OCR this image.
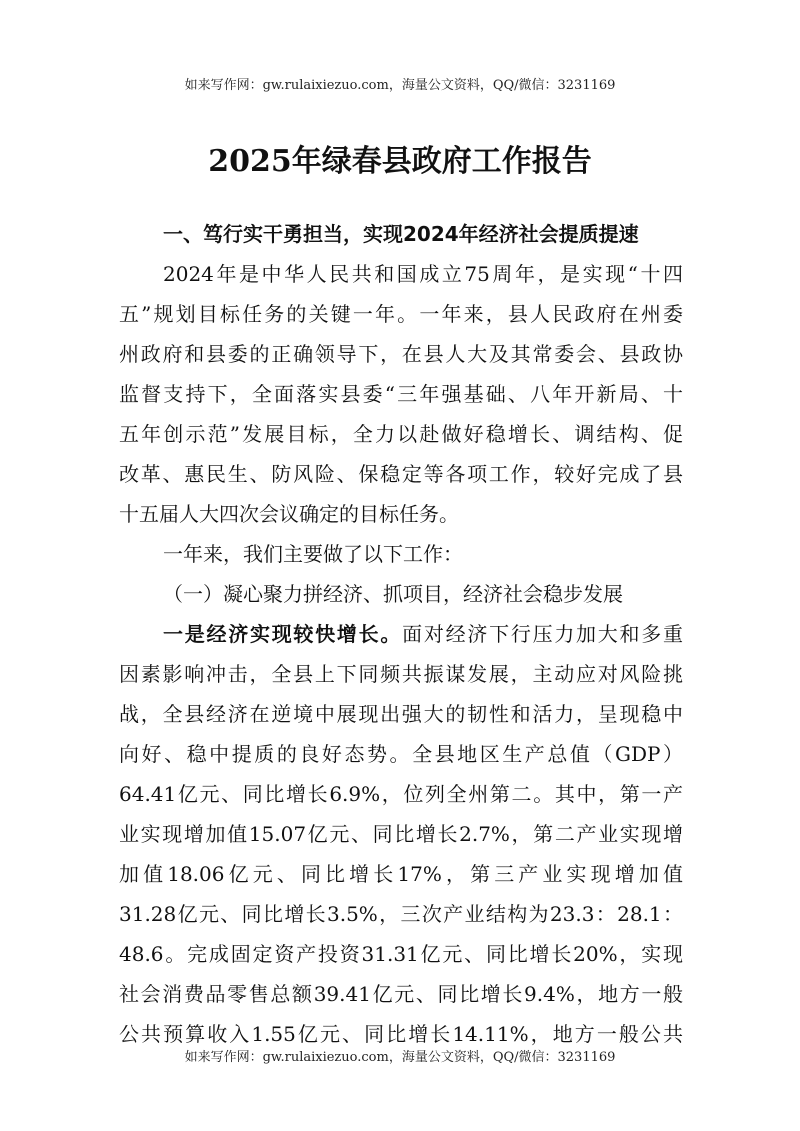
如来写作网：gw.rulaixiezuo.com，海量公文资料，QQ/微信：3231169
2025年绿春县政府工作报告
一、笃行实干勇担当，实现2024年经济社会提质提速
2024年是中华人民共和国成立75周年，是实现“十四
五”规划目标任务的关键一年。一年来，县人民政府在州委
州政府和县委的正确领导下，在县人大及其常委会、县政协
监督支持下，全面落实县委“三年强基础、八年开新局、十
五年创示范”发展目标，全力以赴做好稳增长、调结构、促
改革、惠民生、防风险、保稳定等各项工作，较好完成了县
十五届人大四次会议确定的目标任务。
一年来，我们主要做了以下工作：
（一）凝心聚力拼经济、抓项目，经济社会稳步发展
一是经济实现较快增长。面对经济下行压力加大和多重
因素影响冲击，全县上下同频共振谋发展，主动应对风险挑
战，全县经济在逆境中展现出强大的韧性和活力，呈现稳中
向好、稳中提质的良好态势。全县地区生产总值（GDP）
64.41亿元、同比增长6.9%，位列全州第二。其中，第一产
业实现增加值15.07亿元、同比增长2.7%，第二产业实现增
加值18.06亿元、同比增长17%，第三产业实现增加值
31.28亿元、同比增长3.5%，三次产业结构为23.3：28.1：
48.6。完成固定资产投资31.31亿元、同比增长20%，实现
社会消费品零售总额39.41亿元、同比增长9.4%，地方一般
公共预算收入1.55亿元、同比增长14.11%，地方一般公共
如来写作网：gw.rulaixiezuo.com，海量公文资料，QQ/微信：3231169
